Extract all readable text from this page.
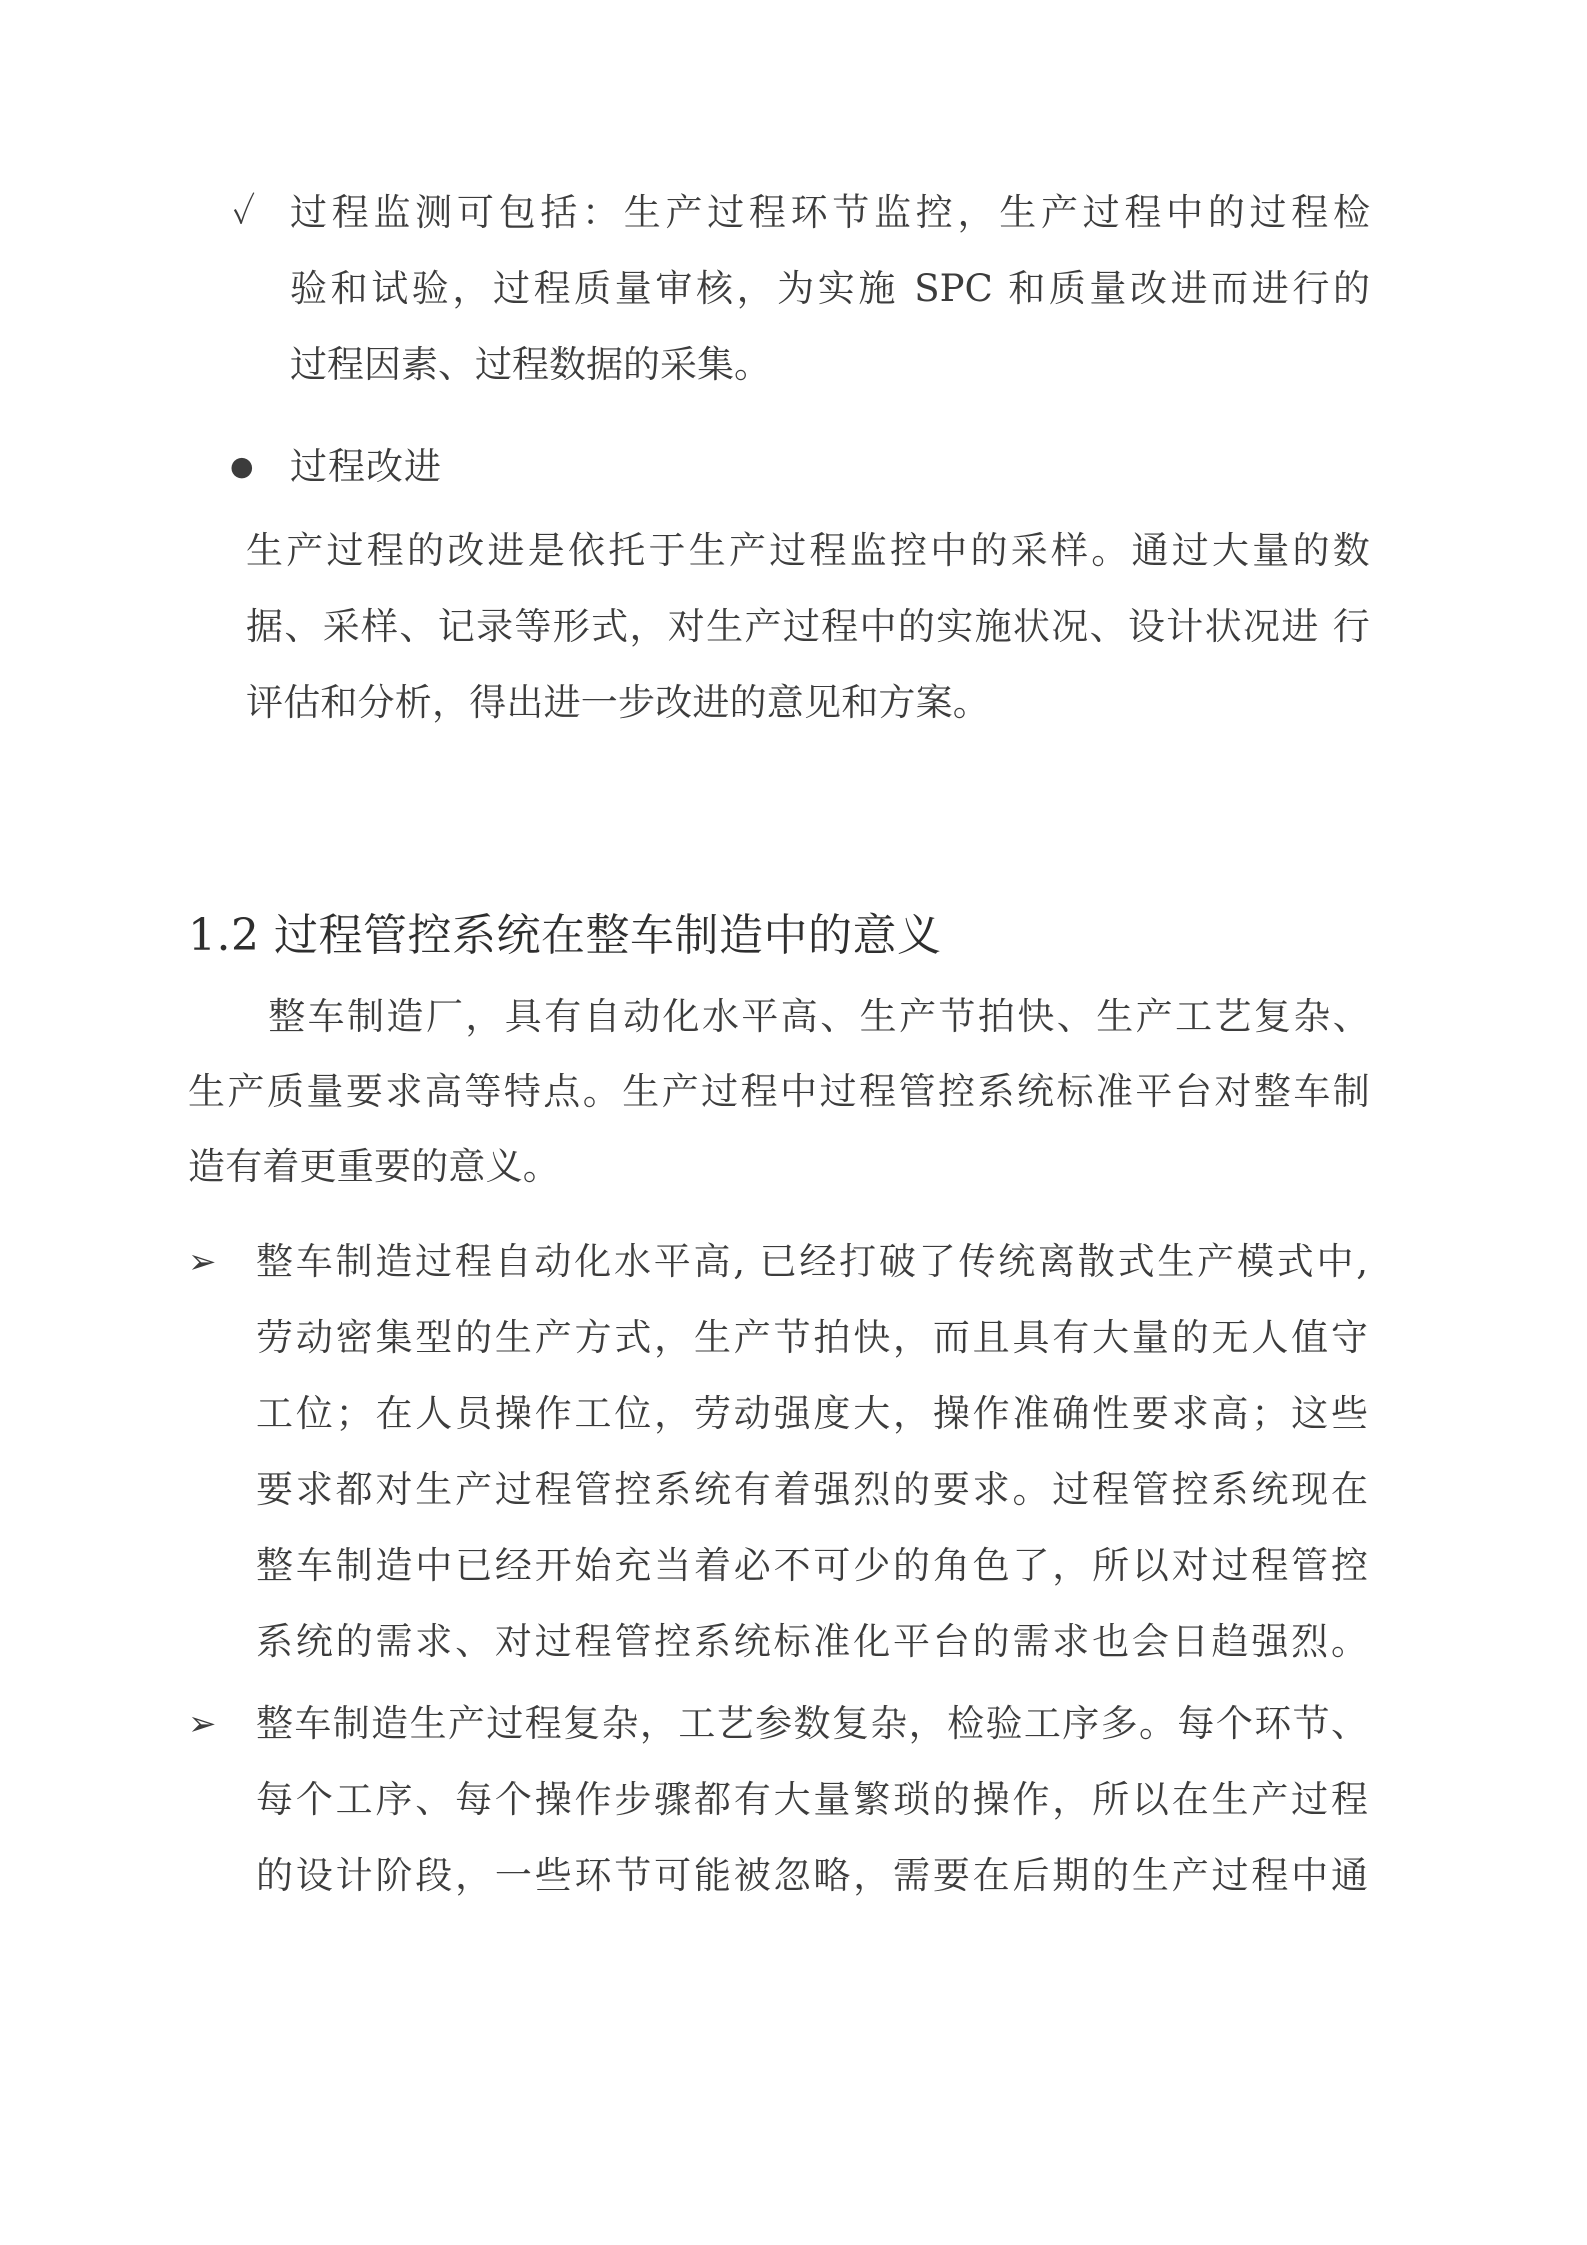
✓ 过程监测可包括：生产过程环节监控，生产过程中的过程检
验和试验，过程质量审核，为实施 SPC 和质量改进而进行的
过程因素、过程数据的采集。
● 过程改进
生产过程的改进是依托于生产过程监控中的采样。通过大量的数 据、采样、记录等形式，对生产过程中的实施状况、设计状况进 行评估和分析，得出进一步改进的意见和方案。
1.2 过程管控系统在整车制造中的意义
整车制造厂，具有自动化水平高、生产节拍快、生产工艺复杂、
生产质量要求高等特点。生产过程中过程管控系统标准平台对整车制
造有着更重要的意义。
➢	整车制造过程自动化水平高, 已经打破了传统离散式生产模式中,
劳动密集型的生产方式，生产节拍快，而且具有大量的无人值守
工位；在人员操作工位，劳动强度大，操作准确性要求高；这些
要求都对生产过程管控系统有着强烈的要求。过程管控系统现在
整车制造中已经开始充当着必不可少的角色了，所以对过程管控
系统的需求、对过程管控系统标准化平台的需求也会日趋强烈。
➢	整车制造生产过程复杂，工艺参数复杂，检验工序多。每个环节、
每个工序、每个操作步骤都有大量繁琐的操作，所以在生产过程
的设计阶段，一些环节可能被忽略，需要在后期的生产过程中通
